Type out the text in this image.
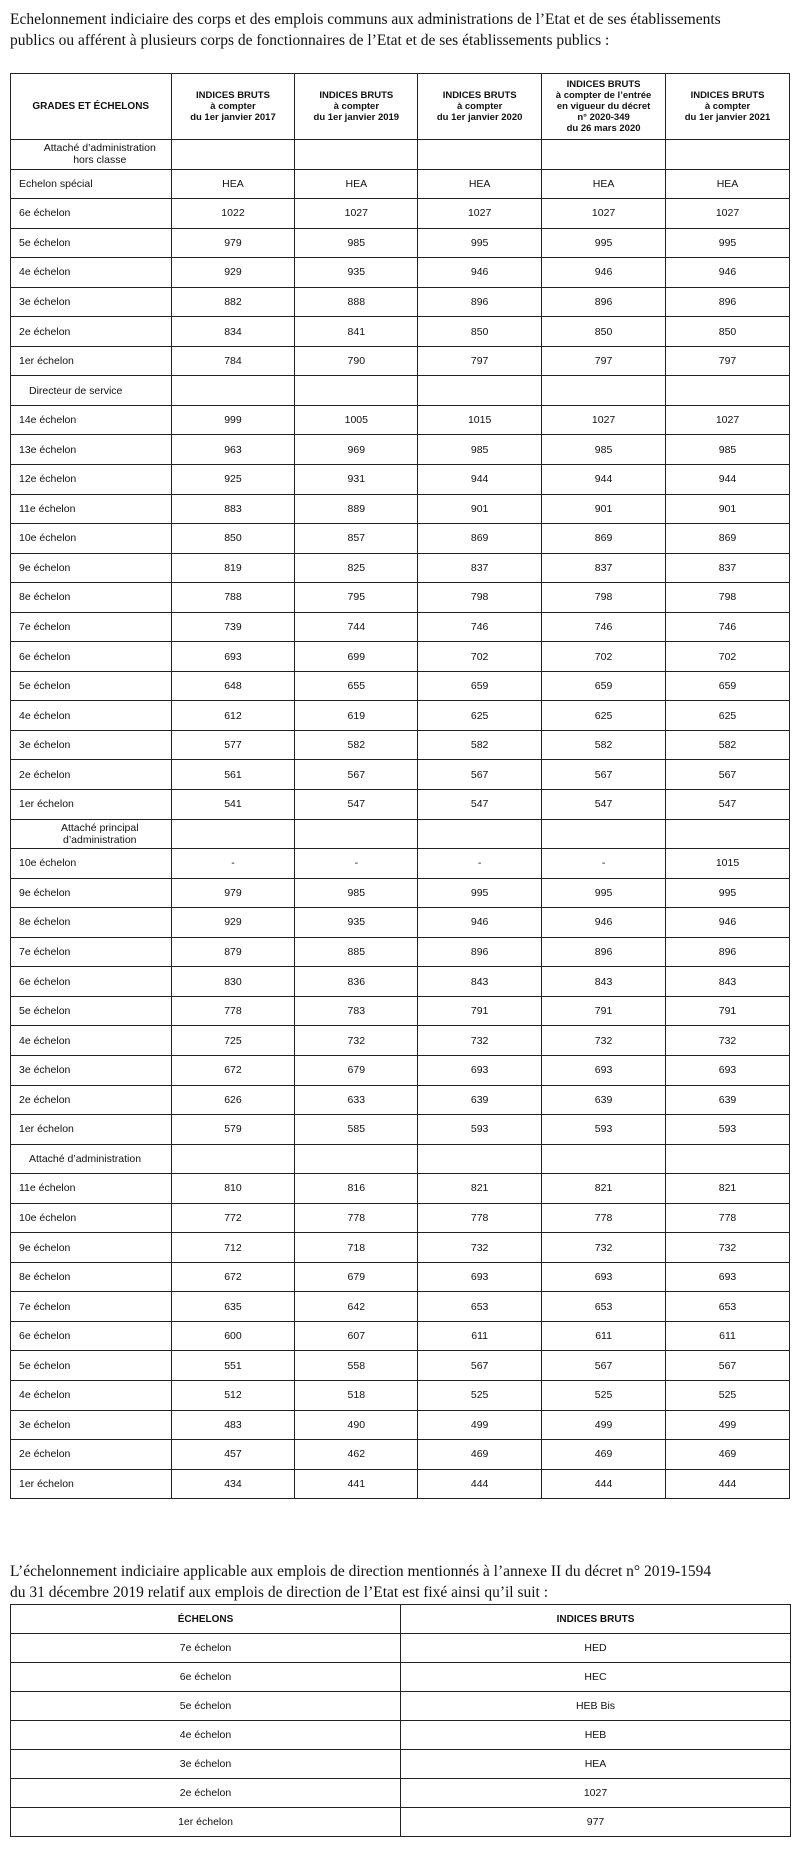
Echelonnement indiciaire des corps et des emplois communs aux administrations de l’Etat et de ses établissements
publics ou afférent à plusieurs corps de fonctionnaires de l’Etat et de ses établissements publics :

GRADES ET ÉCHELONS	INDICES BRUTS
à compter
du 1er janvier 2017	INDICES BRUTS
à compter
du 1er janvier 2019	INDICES BRUTS
à compter
du 1er janvier 2020	INDICES BRUTS
à compter de l’entrée
en vigueur du décret
n° 2020-349
du 26 mars 2020	INDICES BRUTS
à compter
du 1er janvier 2021

Attaché d’administrationhors classe					

Echelon spécial	HEA	HEA	HEA	HEA	HEA

6e échelon	1022	1027	1027	1027	1027

5e échelon	979	985	995	995	995

4e échelon	929	935	946	946	946

3e échelon	882	888	896	896	896

2e échelon	834	841	850	850	850

1er échelon	784	790	797	797	797
Directeur de service					

14e échelon	999	1005	1015	1027	1027

13e échelon	963	969	985	985	985

12e échelon	925	931	944	944	944

11e échelon	883	889	901	901	901

10e échelon	850	857	869	869	869

9e échelon	819	825	837	837	837

8e échelon	788	795	798	798	798

7e échelon	739	744	746	746	746

6e échelon	693	699	702	702	702

5e échelon	648	655	659	659	659

4e échelon	612	619	625	625	625

3e échelon	577	582	582	582	582

2e échelon	561	567	567	567	567

1er échelon	541	547	547	547	547
Attaché principald’administration					

10e échelon	-	-	-	-	1015

9e échelon	979	985	995	995	995

8e échelon	929	935	946	946	946

7e échelon	879	885	896	896	896

6e échelon	830	836	843	843	843

5e échelon	778	783	791	791	791

4e échelon	725	732	732	732	732

3e échelon	672	679	693	693	693

2e échelon	626	633	639	639	639

1er échelon	579	585	593	593	593
Attaché d’administration					

11e échelon	810	816	821	821	821

10e échelon	772	778	778	778	778

9e échelon	712	718	732	732	732

8e échelon	672	679	693	693	693

7e échelon	635	642	653	653	653

6e échelon	600	607	611	611	611

5e échelon	551	558	567	567	567

4e échelon	512	518	525	525	525

3e échelon	483	490	499	499	499

2e échelon	457	462	469	469	469

1er échelon	434	441	444	444	444

L’échelonnement indiciaire applicable aux emplois de direction mentionnés à l’annexe II du décret n° 2019-1594
du 31 décembre 2019 relatif aux emplois de direction de l’Etat est fixé ainsi qu’il suit :

ÉCHELONS	INDICES BRUTS
7e échelon	HED
6e échelon	HEC
5e échelon	HEB Bis
4e échelon	HEB
3e échelon	HEA
2e échelon	1027
1er échelon	977
